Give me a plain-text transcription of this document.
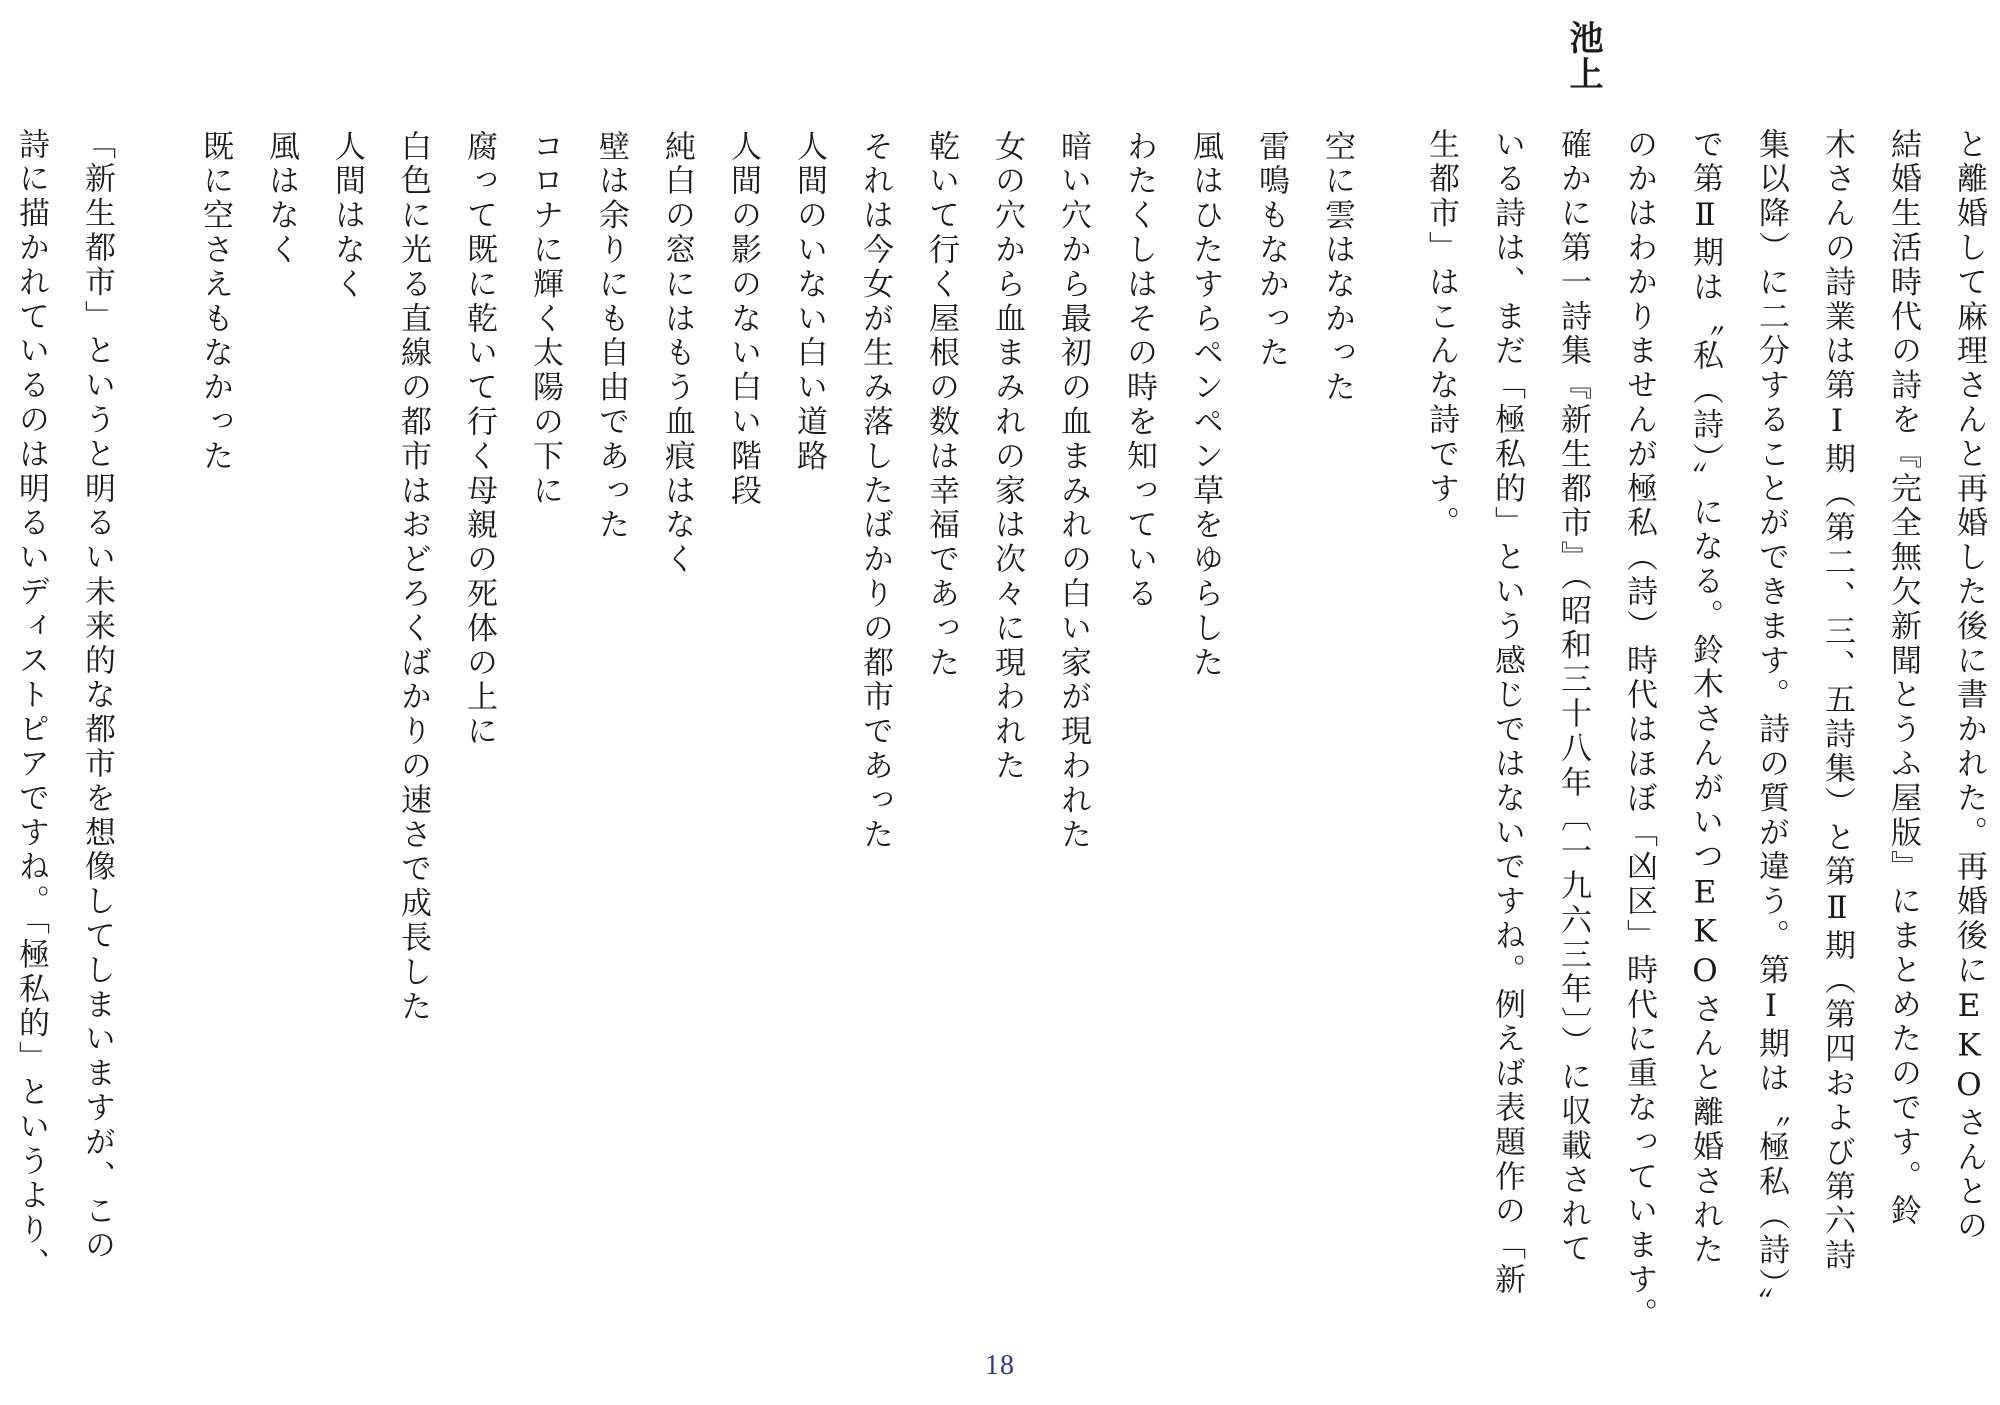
池上
と離婚して麻理さんと再婚した後に書かれた。再婚後にEKOさんとの
結婚生活時代の詩を『完全無欠新聞とうふ屋版』にまとめたのです。鈴
木さんの詩業は第Ⅰ期（第二、三、五詩集）と第Ⅱ期（第四および第六詩
集以降）に二分することができます。詩の質が違う。第Ⅰ期は〝極私（詩）〟
で第Ⅱ期は〝私（詩）〟になる。鈴木さんがいつEKOさんと離婚された
のかはわかりませんが極私（詩）時代はほぼ「凶区」時代に重なっています。
確かに第一詩集『新生都市』（昭和三十八年〔一九六三年〕）に収載されて
いる詩は、まだ「極私的」という感じではないですね。例えば表題作の「新
生都市」はこんな詩です。
空に雲はなかった
雷鳴もなかった
風はひたすらペンペン草をゆらした
わたくしはその時を知っている
暗い穴から最初の血まみれの白い家が現われた
女の穴から血まみれの家は次々に現われた
乾いて行く屋根の数は幸福であった
それは今女が生み落したばかりの都市であった
人間のいない白い道路
人間の影のない白い階段
純白の窓にはもう血痕はなく
壁は余りにも自由であった
コロナに輝く太陽の下に
腐って既に乾いて行く母親の死体の上に
白色に光る直線の都市はおどろくばかりの速さで成長した
人間はなく
風はなく
既に空さえもなかった
「新生都市」というと明るい未来的な都市を想像してしまいますが、この
詩に描かれているのは明るいディストピアですね。「極私的」というより、
18
